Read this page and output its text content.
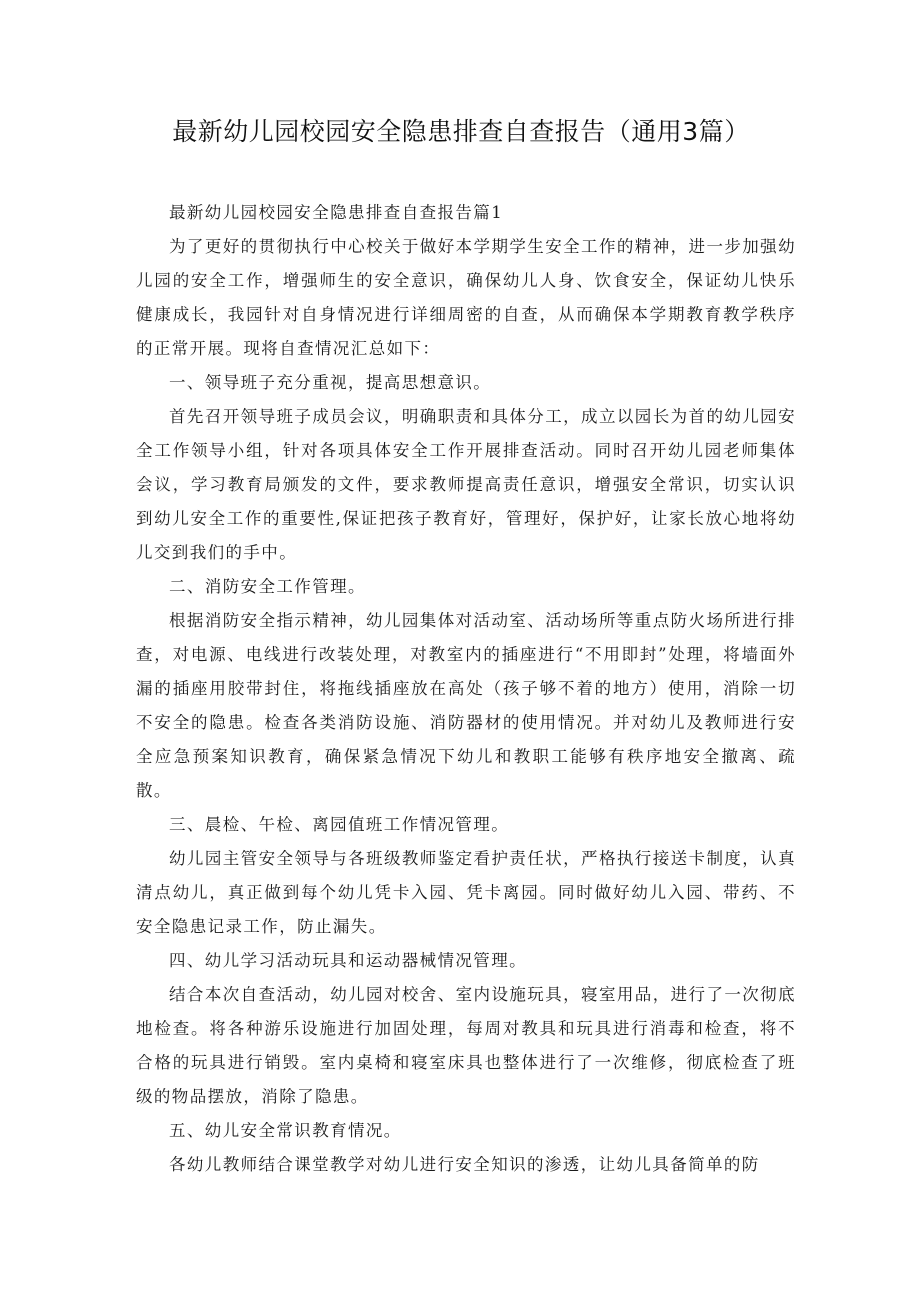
最新幼儿园校园安全隐患排查自查报告（通用3篇）

最新幼儿园校园安全隐患排查自查报告篇1

为了更好的贯彻执行中心校关于做好本学期学生安全工作的精神，进一步加强幼儿园的安全工作，增强师生的安全意识，确保幼儿人身、饮食安全，保证幼儿快乐健康成长，我园针对自身情况进行详细周密的自查，从而确保本学期教育教学秩序的正常开展。现将自查情况汇总如下：

一、领导班子充分重视，提高思想意识。

首先召开领导班子成员会议，明确职责和具体分工，成立以园长为首的幼儿园安全工作领导小组，针对各项具体安全工作开展排查活动。同时召开幼儿园老师集体会议，学习教育局颁发的文件，要求教师提高责任意识，增强安全常识，切实认识到幼儿安全工作的重要性,保证把孩子教育好，管理好，保护好，让家长放心地将幼儿交到我们的手中。

二、消防安全工作管理。

根据消防安全指示精神，幼儿园集体对活动室、活动场所等重点防火场所进行排查，对电源、电线进行改装处理，对教室内的插座进行“不用即封”处理，将墙面外漏的插座用胶带封住，将拖线插座放在高处（孩子够不着的地方）使用，消除一切不安全的隐患。检查各类消防设施、消防器材的使用情况。并对幼儿及教师进行安全应急预案知识教育，确保紧急情况下幼儿和教职工能够有秩序地安全撤离、疏散。

三、晨检、午检、离园值班工作情况管理。

幼儿园主管安全领导与各班级教师鉴定看护责任状，严格执行接送卡制度，认真清点幼儿，真正做到每个幼儿凭卡入园、凭卡离园。同时做好幼儿入园、带药、不安全隐患记录工作，防止漏失。

四、幼儿学习活动玩具和运动器械情况管理。

结合本次自查活动，幼儿园对校舍、室内设施玩具，寝室用品，进行了一次彻底地检查。将各种游乐设施进行加固处理，每周对教具和玩具进行消毒和检查，将不合格的玩具进行销毁。室内桌椅和寝室床具也整体进行了一次维修，彻底检查了班级的物品摆放，消除了隐患。

五、幼儿安全常识教育情况。

各幼儿教师结合课堂教学对幼儿进行安全知识的渗透，让幼儿具备简单的防
